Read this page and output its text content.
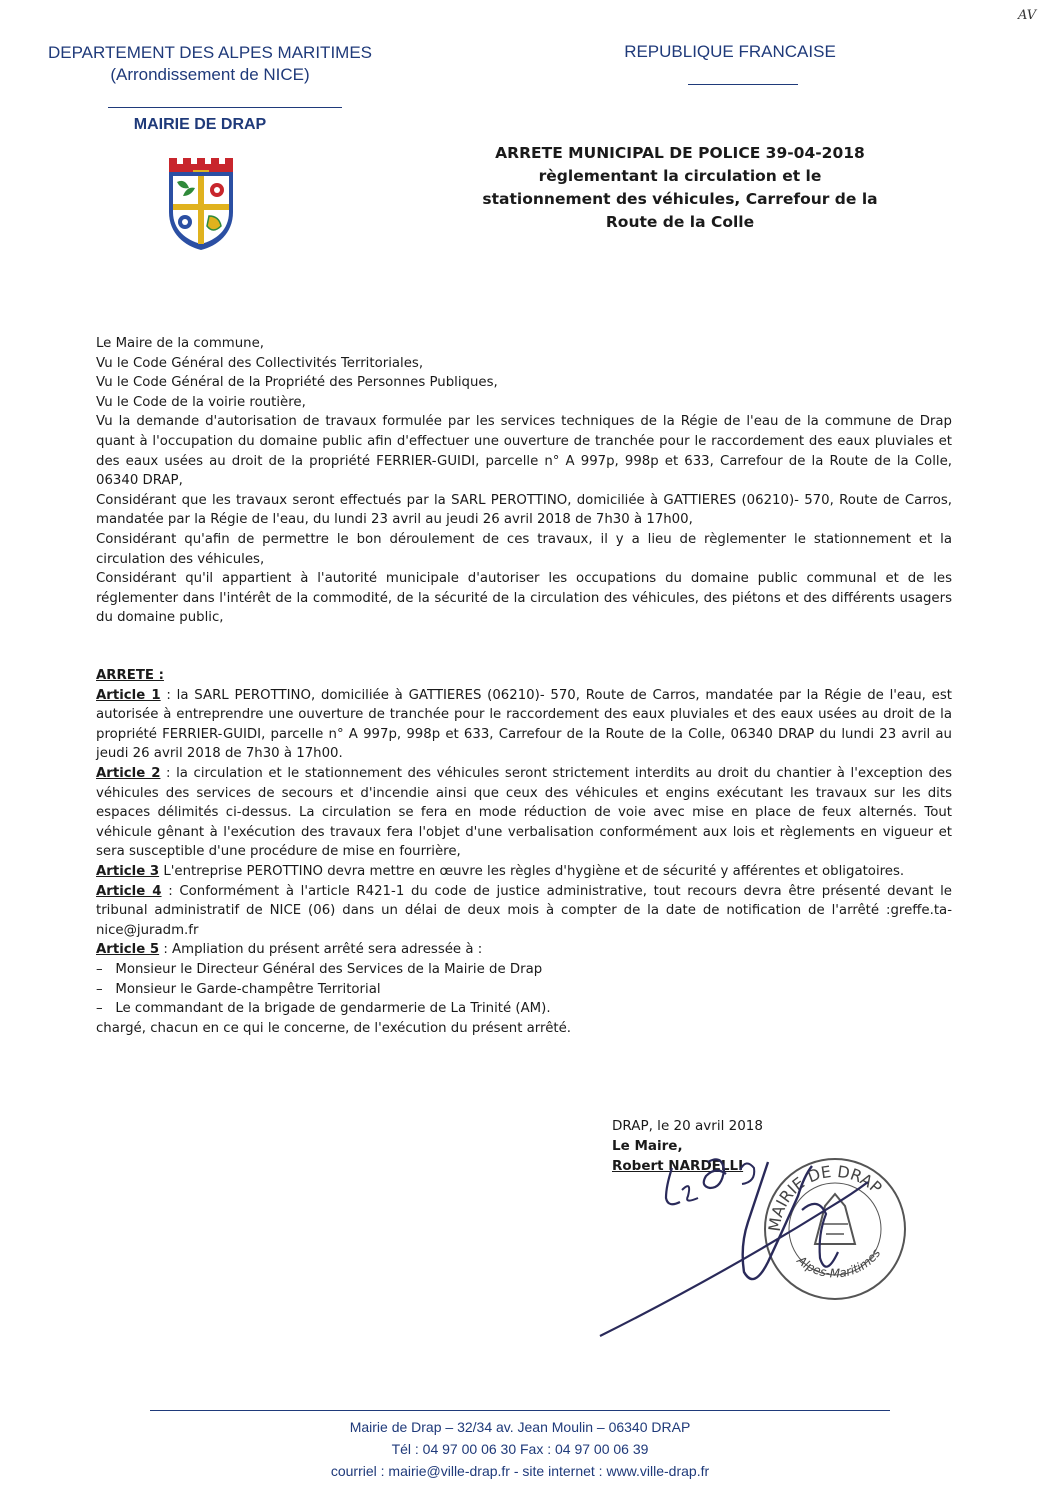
AV
DEPARTEMENT DES ALPES MARITIMES
(Arrondissement de NICE)
MAIRIE DE DRAP
REPUBLIQUE FRANCAISE
ARRETE MUNICIPAL DE POLICE 39-04-2018
règlementant la circulation et le
stationnement des véhicules, Carrefour de la
Route de la Colle
Le Maire de la commune,
Vu le Code Général des Collectivités Territoriales,
Vu le Code Général de la Propriété des Personnes Publiques,
Vu le Code de la voirie routière,
Vu la demande d'autorisation de travaux formulée par les services techniques de la Régie de l'eau de la commune de Drap quant à l'occupation du domaine public afin d'effectuer une ouverture de tranchée pour le raccordement des eaux pluviales et des eaux usées au droit de la propriété FERRIER-GUIDI, parcelle n° A 997p, 998p et 633, Carrefour de la Route de la Colle, 06340 DRAP,
Considérant que les travaux seront effectués par la SARL PEROTTINO, domiciliée à GATTIERES (06210)- 570, Route de Carros, mandatée par la Régie de l'eau, du lundi 23 avril au jeudi 26 avril 2018 de 7h30 à 17h00,
Considérant qu'afin de permettre le bon déroulement de ces travaux, il y a lieu de règlementer le stationnement et la circulation des véhicules,
Considérant qu'il appartient à l'autorité municipale d'autoriser les occupations du domaine public communal et de les réglementer dans l'intérêt de la commodité, de la sécurité de la circulation des véhicules, des piétons et des différents usagers du domaine public,
ARRETE :
Article 1 : la SARL PEROTTINO, domiciliée à GATTIERES (06210)- 570, Route de Carros, mandatée par la Régie de l'eau, est autorisée à entreprendre une ouverture de tranchée pour le raccordement des eaux pluviales et des eaux usées au droit de la propriété FERRIER-GUIDI, parcelle n° A 997p, 998p et 633, Carrefour de la Route de la Colle, 06340 DRAP du lundi 23 avril au jeudi 26 avril 2018 de 7h30 à 17h00.
Article 2 : la circulation et le stationnement des véhicules seront strictement interdits au droit du chantier à l'exception des véhicules des services de secours et d'incendie ainsi que ceux des véhicules et engins exécutant les travaux sur les dits espaces délimités ci-dessus. La circulation se fera en mode réduction de voie avec mise en place de feux alternés. Tout véhicule gênant à l'exécution des travaux fera l'objet d'une verbalisation conformément aux lois et règlements en vigueur et sera susceptible d'une procédure de mise en fourrière,
Article 3 L'entreprise PEROTTINO devra mettre en œuvre les règles d'hygiène et de sécurité y afférentes et obligatoires.
Article 4 : Conformément à l'article R421-1 du code de justice administrative, tout recours devra être présenté devant le tribunal administratif de NICE (06) dans un délai de deux mois à compter de la date de notification de l'arrêté :greffe.ta-nice@juradm.fr
Article 5 : Ampliation du présent arrêté sera adressée à :
–   Monsieur le Directeur Général des Services de la Mairie de Drap
–   Monsieur le Garde-champêtre Territorial
–   Le commandant de la brigade de gendarmerie de La Trinité (AM).
chargé, chacun en ce qui le concerne, de l'exécution du présent arrêté.
DRAP, le 20 avril 2018
Le Maire,
Robert NARDELLI
MAIRIE DE DRAP
Alpes-Maritimes
Mairie de Drap – 32/34 av. Jean Moulin – 06340 DRAP
Tél : 04 97 00 06 30 Fax : 04 97 00 06 39
courriel : mairie@ville-drap.fr - site internet : www.ville-drap.fr
